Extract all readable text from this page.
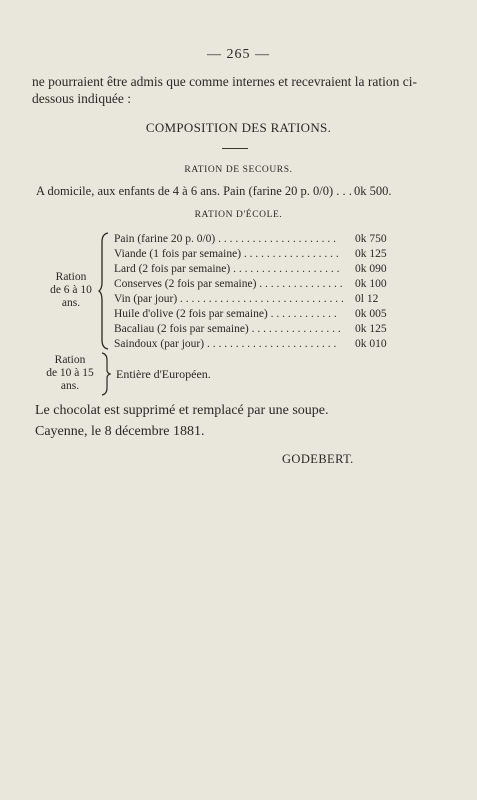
— 265 —
ne pourraient être admis que comme internes et recevraient la ration ci-
dessous indiquée :
COMPOSITION DES RATIONS.
RATION DE SECOURS.
A domicile, aux enfants de 4 à 6 ans. Pain (farine 20 p. 0/0) . . . 0k 500.
RATION D'ÉCOLE.
Ration
de 6 à 10
ans.
Pain (farine 20 p. 0/0) . . . . . . . . . . . . . . . . . . . . . 0k 750
Viande (1 fois par semaine) . . . . . . . . . . . . . . . . . 0k 125
Lard (2 fois par semaine) . . . . . . . . . . . . . . . . . . . 0k 090
Conserves (2 fois par semaine) . . . . . . . . . . . . . . . 0k 100
Vin (par jour) . . . . . . . . . . . . . . . . . . . . . . . . . . . . . 0l 12
Huile d'olive (2 fois par semaine) . . . . . . . . . . . . 0k 005
Bacaliau (2 fois par semaine) . . . . . . . . . . . . . . . . 0k 125
Saindoux (par jour) . . . . . . . . . . . . . . . . . . . . . . . 0k 010
Ration
de 10 à 15
ans.
Entière d'Européen.
Le chocolat est supprimé et remplacé par une soupe.
Cayenne, le 8 décembre 1881.
GODEBERT.
